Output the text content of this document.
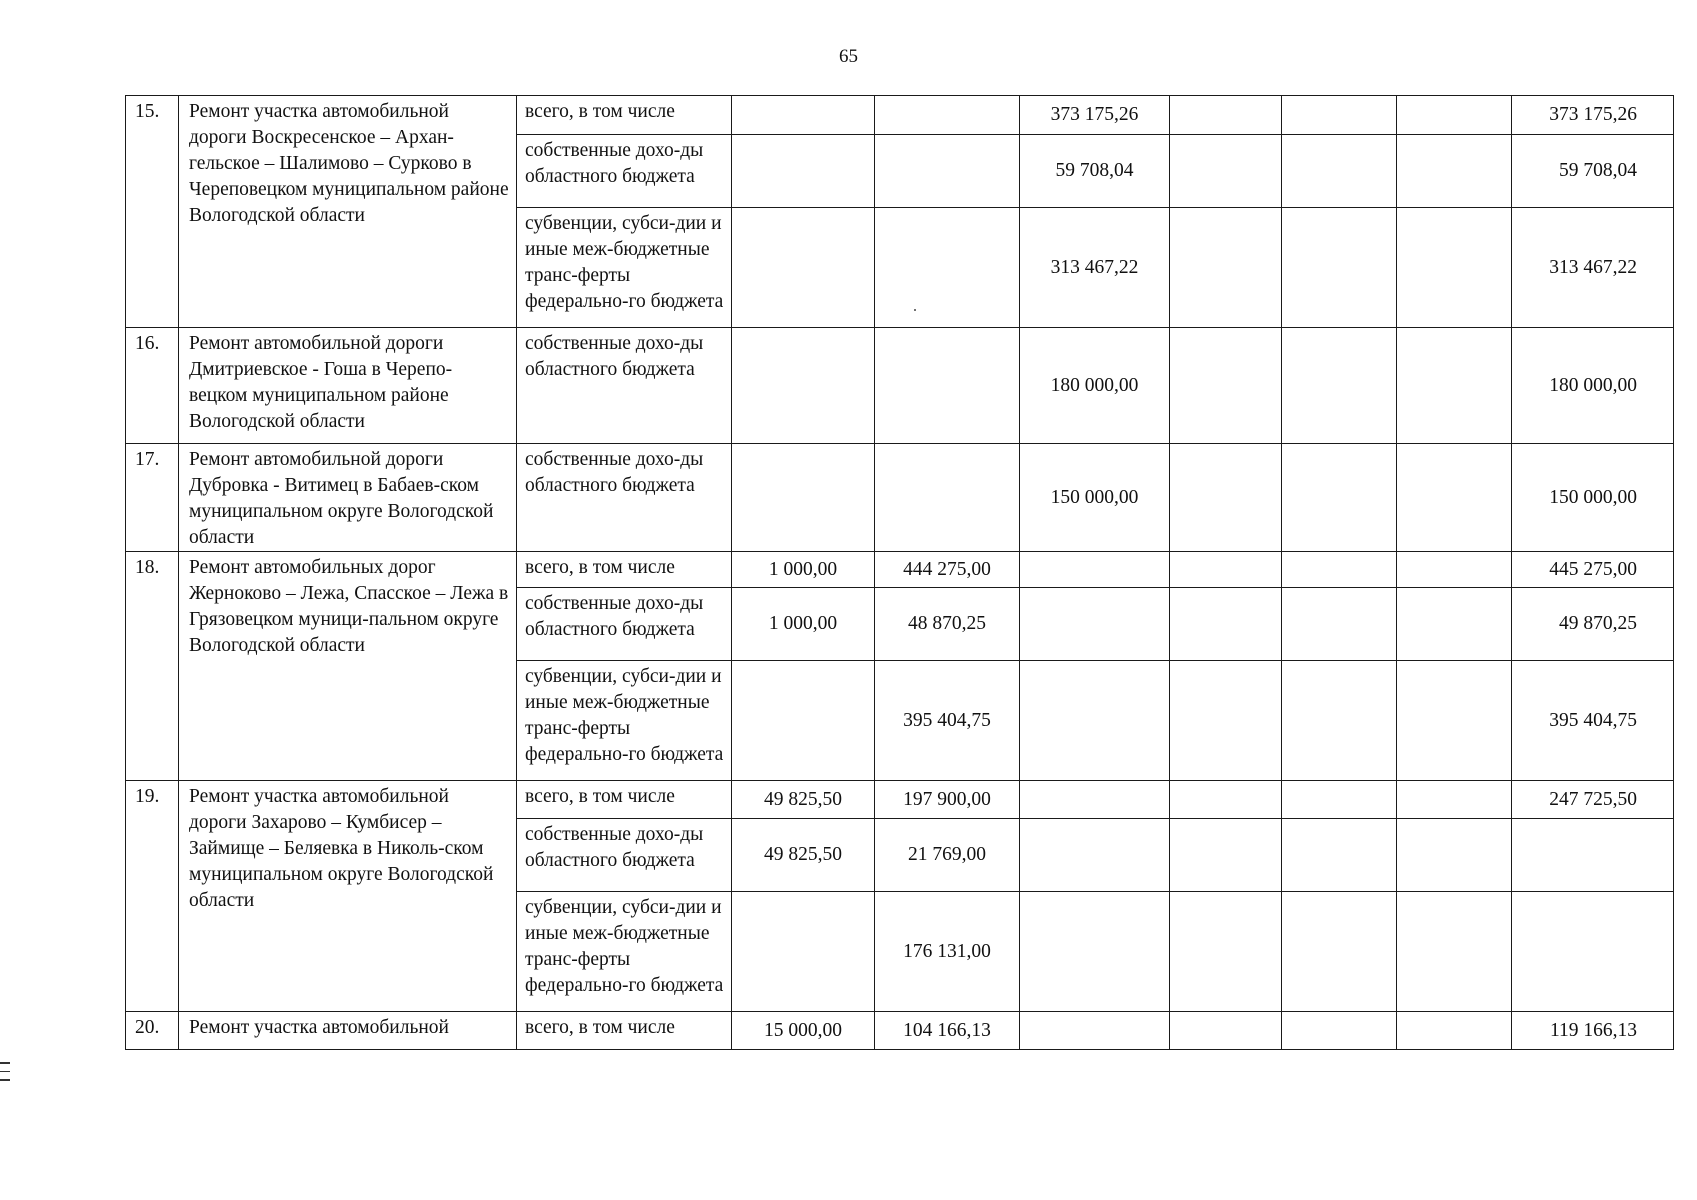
65
15.	Ремонт участка автомобильной дороги Воскресенское – Архан-гельское – Шалимово – Сурково в Череповецком муниципальном районе Вологодской области	всего, в том числе			373 175,26				373 175,26
		собственные дохо-ды областного бюджета			59 708,04				59 708,04
		субвенции, субси-дии и иные меж-бюджетные транс-ферты федерально-го бюджета			313 467,22				313 467,22
16.	Ремонт автомобильной дороги Дмитриевское - Гоша в Черепо-вецком муниципальном районе Вологодской области	собственные дохо-ды областного бюджета			180 000,00				180 000,00
17.	Ремонт автомобильной дороги Дубровка - Витимец в Бабаев-ском муниципальном округе Вологодской области	собственные дохо-ды областного бюджета			150 000,00				150 000,00
18.	Ремонт автомобильных дорог Жерноково – Лежа, Спасское – Лежа в Грязовецком муници-пальном округе Вологодской области	всего, в том числе	1 000,00	444 275,00					445 275,00
		собственные дохо-ды областного бюджета	1 000,00	48 870,25					49 870,25
		субвенции, субси-дии и иные меж-бюджетные транс-ферты федерально-го бюджета		395 404,75					395 404,75
19.	Ремонт участка автомобильной дороги Захарово – Кумбисер – Займище – Беляевка в Николь-ском муниципальном округе Вологодской области	всего, в том числе	49 825,50	197 900,00					247 725,50
		собственные дохо-ды областного бюджета	49 825,50	21 769,00					
		субвенции, субси-дии и иные меж-бюджетные транс-ферты федерально-го бюджета		176 131,00					
20.	Ремонт участка автомобильной	всего, в том числе	15 000,00	104 166,13					119 166,13
